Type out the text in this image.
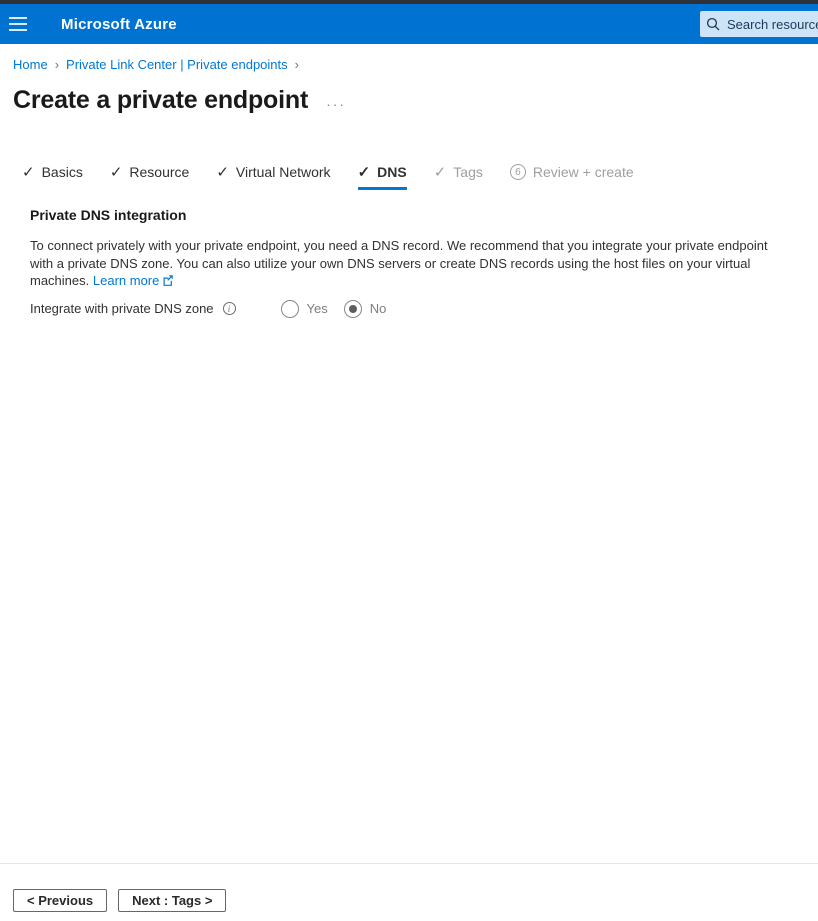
Microsoft Azure
Search resources
Home › Private Link Center | Private endpoints ›
Create a private endpoint ···
✓ Basics ✓ Resource ✓ Virtual Network ✓ DNS ✓ Tags	6 Review + create
Private DNS integration
To connect privately with your private endpoint, you need a DNS record. We recommend that you integrate your private endpoint with a private DNS zone. You can also utilize your own DNS servers or create DNS records using the host files on your virtual machines. Learn more
Integrate with private DNS zone	i	Yes	No
< Previous	Next : Tags >
